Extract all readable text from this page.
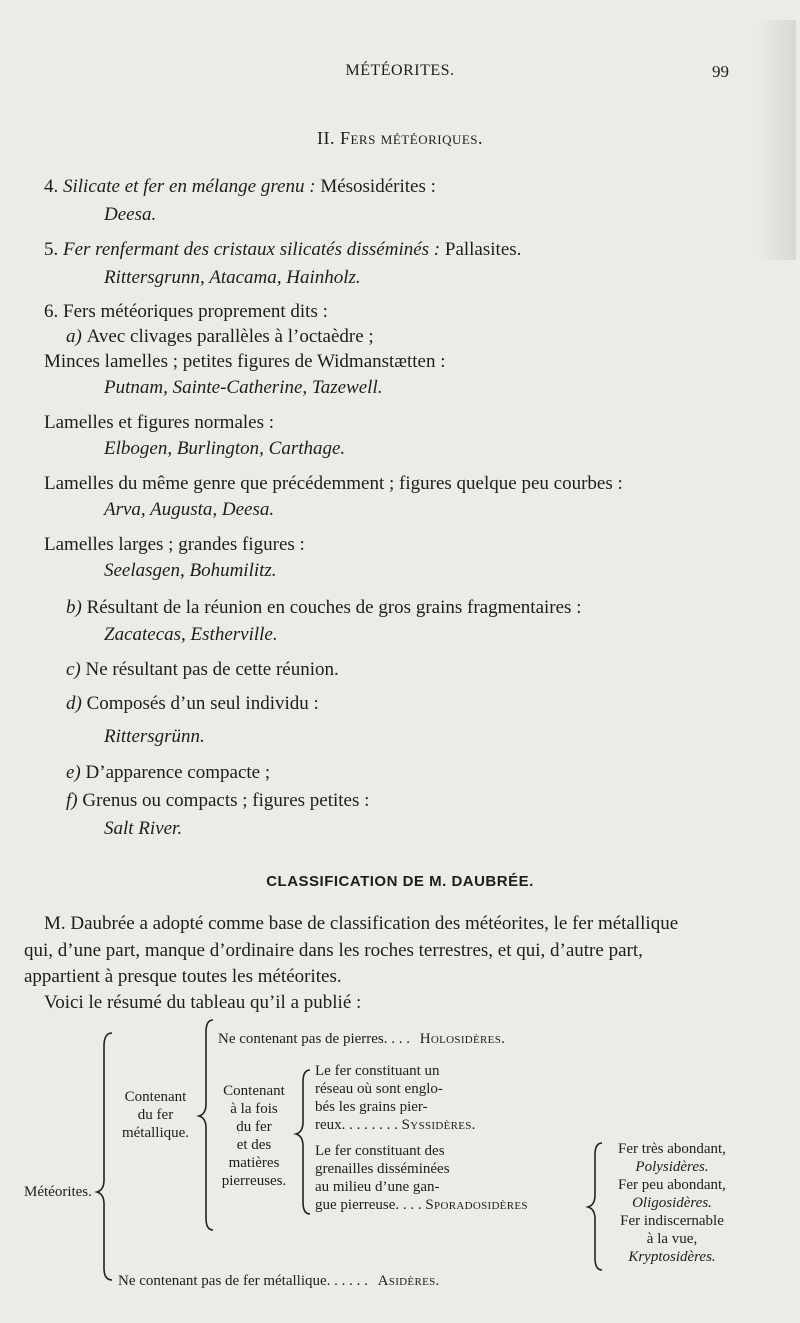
MÉTÉORITES.	99
II. Fers météoriques.
4. Silicate et fer en mélange grenu : Mésosidérites :
Deesa.
5. Fer renfermant des cristaux silicatés disséminés : Pallasites.
Rittersgrunn, Atacama, Hainholz.
6. Fers météoriques proprement dits :
a) Avec clivages parallèles à l’octaèdre ;
Minces lamelles ; petites figures de Widmanstætten :
Putnam, Sainte-Catherine, Tazewell.
Lamelles et figures normales :
Elbogen, Burlington, Carthage.
Lamelles du même genre que précédemment ; figures quelque peu courbes :
Arva, Augusta, Deesa.
Lamelles larges ; grandes figures :
Seelasgen, Bohumilitz.
b) Résultant de la réunion en couches de gros grains fragmentaires :
Zacatecas, Estherville.
c) Ne résultant pas de cette réunion.
d) Composés d’un seul individu :
Rittersgrünn.
e) D’apparence compacte ;
f) Grenus ou compacts ; figures petites :
Salt River.
CLASSIFICATION DE M. DAUBRÉE.
M. Daubrée a adopté comme base de classification des météorites, le fer métallique
qui, d’une part, manque d’ordinaire dans les roches terrestres, et qui, d’autre part,
appartient à presque toutes les météorites.
Voici le résumé du tableau qu’il a publié :
Météorites.
Contenant
du fer
métallique.
Ne contenant pas de pierres. . . . Holosidères.
Contenant
à la fois
du fer
et des
matières
pierreuses.
Le fer constituant un
réseau où sont englo-
bés les grains pier-
reux. . . . . . . . Syssidères.
Le fer constituant des
grenailles disséminées
au milieu d’une gan-
gue pierreuse. . . . Sporadosidères
Fer très abondant,
Polysidères.
Fer peu abondant,
Oligosidères.
Fer indiscernable
à la vue,
Kryptosidères.
Ne contenant pas de fer métallique. . . . . . Asidères.
